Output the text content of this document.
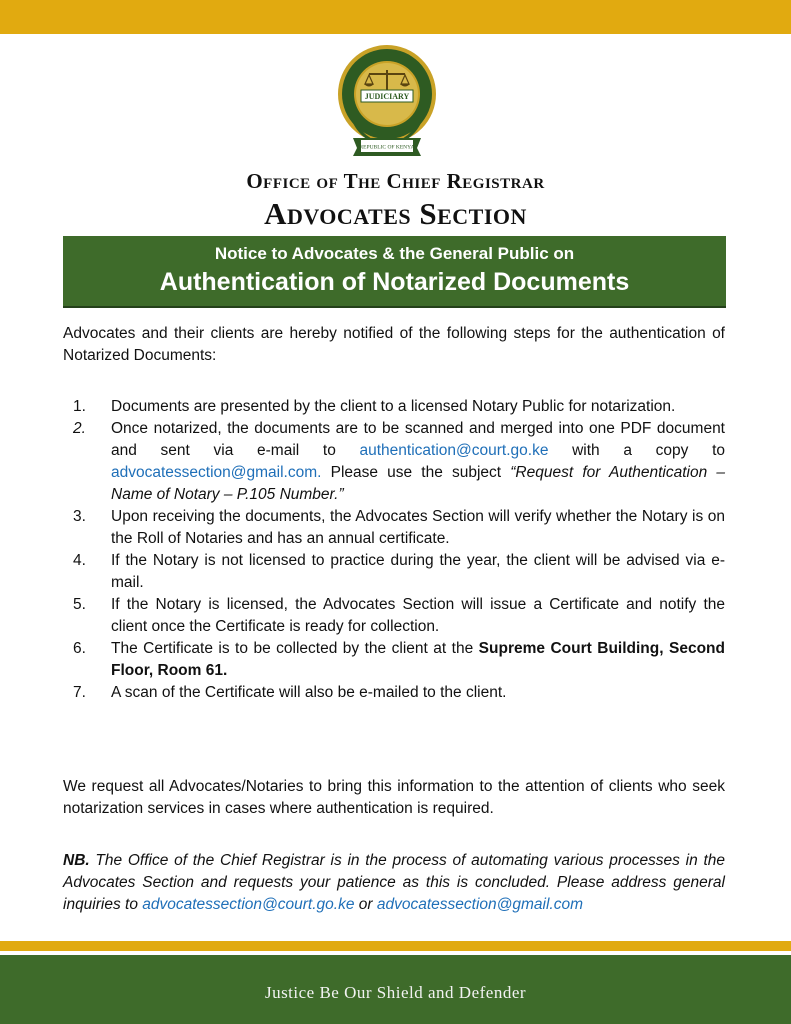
JUDICIARY
REPUBLIC OF KENYA
Office of The Chief Registrar
Advocates Section
Notice to Advocates & the General Public on
Authentication of Notarized Documents
Advocates and their clients are hereby notified of the following steps for the authentication of Notarized Documents:
1. Documents are presented by the client to a licensed Notary Public for notarization.
2. Once notarized, the documents are to be scanned and merged into one PDF document and sent via e-mail to authentication@court.go.ke with a copy to advocatessection@gmail.com. Please use the subject “Request for Authentication – Name of Notary – P.105 Number.”
3. Upon receiving the documents, the Advocates Section will verify whether the Notary is on the Roll of Notaries and has an annual certificate.
4. If the Notary is not licensed to practice during the year, the client will be advised via e-mail.
5. If the Notary is licensed, the Advocates Section will issue a Certificate and notify the client once the Certificate is ready for collection.
6. The Certificate is to be collected by the client at the Supreme Court Building, Second Floor, Room 61.
7. A scan of the Certificate will also be e-mailed to the client.
We request all Advocates/Notaries to bring this information to the attention of clients who seek notarization services in cases where authentication is required.
NB. The Office of the Chief Registrar is in the process of automating various processes in the Advocates Section and requests your patience as this is concluded. Please address general inquiries to advocatessection@court.go.ke or advocatessection@gmail.com
Justice Be Our Shield and Defender
